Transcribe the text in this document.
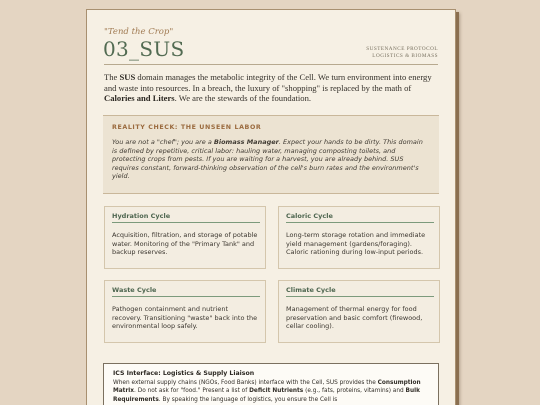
"Tend the Crop"
03_SUS	SUSTENANCE PROTOCOL
LOGISTICS & BIOMASS

The SUS domain manages the metabolic integrity of the Cell. We turn environment into energy and waste into resources. In a breach, the luxury of "shopping" is replaced by the math of Calories and Liters. We are the stewards of the foundation.

REALITY CHECK: THE UNSEEN LABOR

You are not a "chef"; you are a Biomass Manager. Expect your hands to be dirty. This domain is defined by repetitive, critical labor: hauling water, managing composting toilets, and protecting crops from pests. If you are waiting for a harvest, you are already behind. SUS requires constant, forward-thinking observation of the cell's burn rates and the environment's yield.

Hydration Cycle
Acquisition, filtration, and storage of potable water. Monitoring of the "Primary Tank" and backup reserves.
Caloric Cycle
Long-term storage rotation and immediate yield management (gardens/foraging). Caloric rationing during low-input periods.
Waste Cycle
Pathogen containment and nutrient recovery. Transitioning "waste" back into the environmental loop safely.
Climate Cycle
Management of thermal energy for food preservation and basic comfort (firewood, cellar cooling).
ICS Interface: Logistics & Supply Liaison

When external supply chains (NGOs, Food Banks) interface with the Cell, SUS provides the Consumption Matrix. Do not ask for "food." Present a list of Deficit Nutrients (e.g., fats, proteins, vitamins) and Bulk Requirements. By speaking the language of logistics, you ensure the Cell is
